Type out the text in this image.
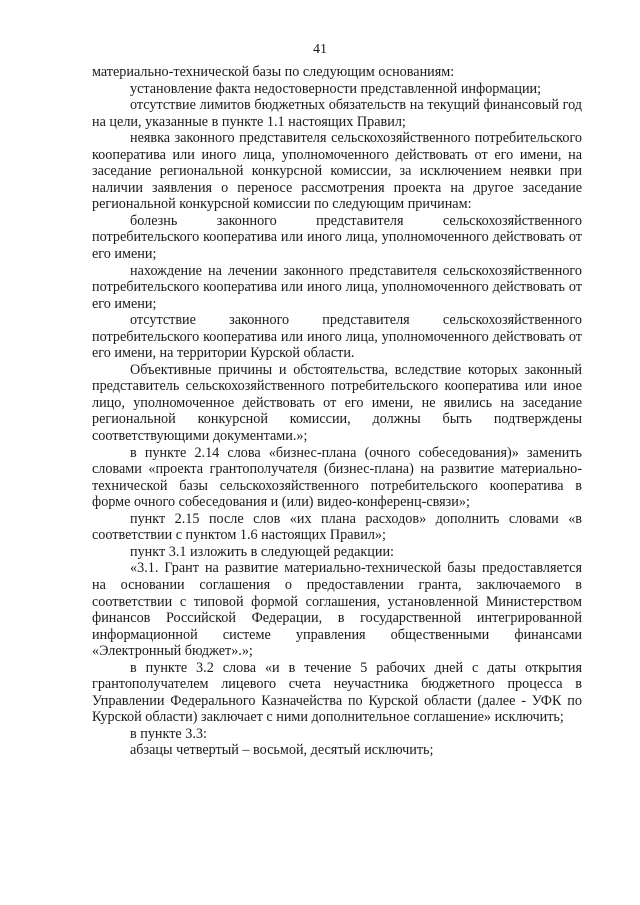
41

материально-технической базы по следующим основаниям:

установление факта недостоверности представленной информации;

отсутствие лимитов бюджетных обязательств на текущий финансовый год на цели, указанные в пункте 1.1 настоящих Правил;

неявка законного представителя сельскохозяйственного потребительского кооператива или иного лица, уполномоченного действовать от его имени, на заседание региональной конкурсной комиссии, за исключением неявки при наличии заявления о переносе рассмотрения проекта на другое заседание региональной конкурсной комиссии по следующим причинам:

болезнь законного представителя сельскохозяйственного потребительского кооператива или иного лица, уполномоченного действовать от его имени;

нахождение на лечении законного представителя сельскохозяйственного потребительского кооператива или иного лица, уполномоченного действовать от его имени;

отсутствие законного представителя сельскохозяйственного потребительского кооператива или иного лица, уполномоченного действовать от его имени, на территории Курской области.

Объективные причины и обстоятельства, вследствие которых законный представитель сельскохозяйственного потребительского кооператива или иное лицо, уполномоченное действовать от его имени, не явились на заседание региональной конкурсной комиссии, должны быть подтверждены соответствующими документами.»;

в пункте 2.14 слова «бизнес-плана (очного собеседования)» заменить словами «проекта грантополучателя (бизнес-плана) на развитие материально-технической базы сельскохозяйственного потребительского кооператива в форме очного собеседования и (или) видео-конференц-связи»;

пункт 2.15 после слов «их плана расходов» дополнить словами «в соответствии с пунктом 1.6 настоящих Правил»;

пункт 3.1 изложить в следующей редакции:

«3.1. Грант на развитие материально-технической базы предоставляется на основании соглашения о предоставлении гранта, заключаемого в соответствии с типовой формой соглашения, установленной Министерством финансов Российской Федерации, в государственной интегрированной информационной системе управления общественными финансами «Электронный бюджет».»;

в пункте 3.2 слова «и в течение 5 рабочих дней с даты открытия грантополучателем лицевого счета неучастника бюджетного процесса в Управлении Федерального Казначейства по Курской области (далее - УФК по Курской области) заключает с ними дополнительное соглашение» исключить;

в пункте 3.3:

абзацы четвертый – восьмой, десятый исключить;
